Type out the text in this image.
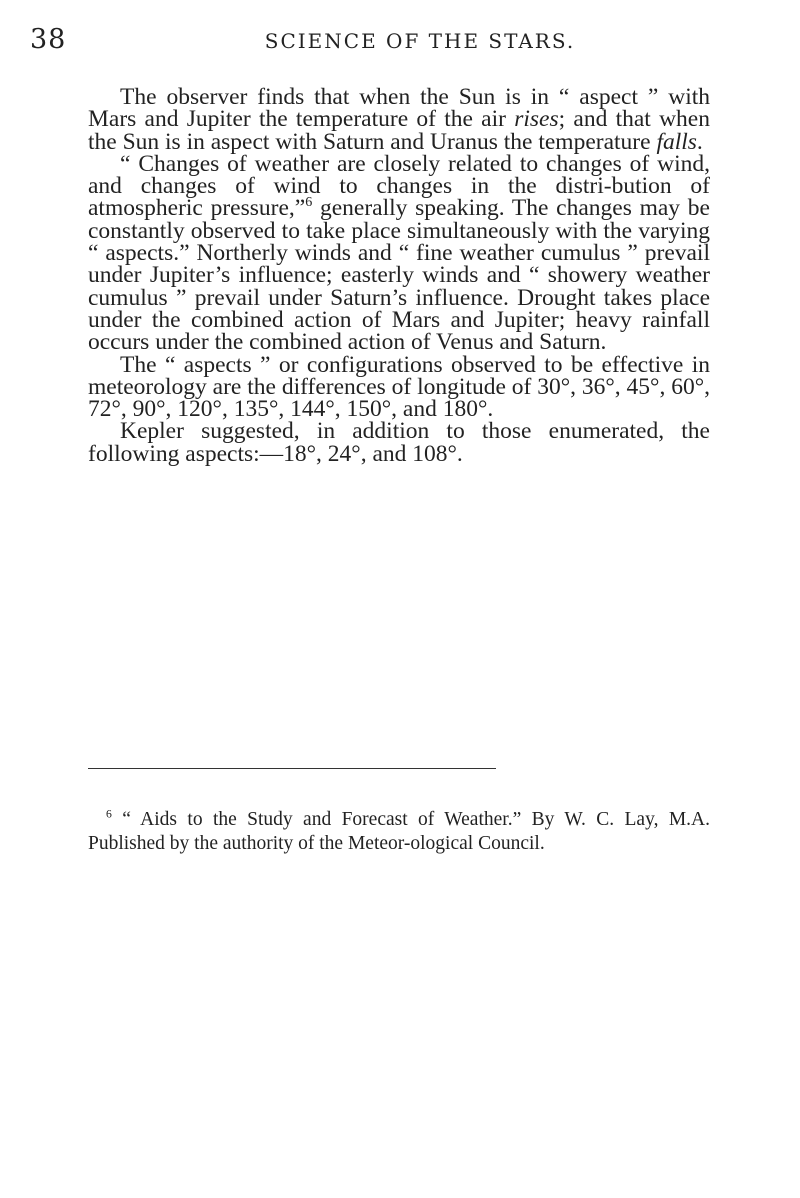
38	SCIENCE OF THE STARS.

The observer finds that when the Sun is in “ aspect ” with Mars and Jupiter the temperature of the air rises; and that when the Sun is in aspect with Saturn and Uranus the temperature falls.

“ Changes of weather are closely related to changes of wind, and changes of wind to changes in the distri-bution of atmospheric pressure,”$^6$ generally speaking. The changes may be constantly observed to take place simultaneously with the varying “ aspects.” Northerly winds and “ fine weather cumulus ” prevail under Jupiter’s influence; easterly winds and “ showery weather cumulus ” prevail under Saturn’s influence. Drought takes place under the combined action of Mars and Jupiter; heavy rainfall occurs under the combined action of Venus and Saturn.

The “ aspects ” or configurations observed to be effective in meteorology are the differences of longitude of 30°, 36°, 45°, 60°, 72°, 90°, 120°, 135°, 144°, 150°, and 180°.

Kepler suggested, in addition to those enumerated, the following aspects:—18°, 24°, and 108°.

$^6$ “ Aids to the Study and Forecast of Weather.” By W. C. Lay, M.A. Published by the authority of the Meteor-ological Council.
